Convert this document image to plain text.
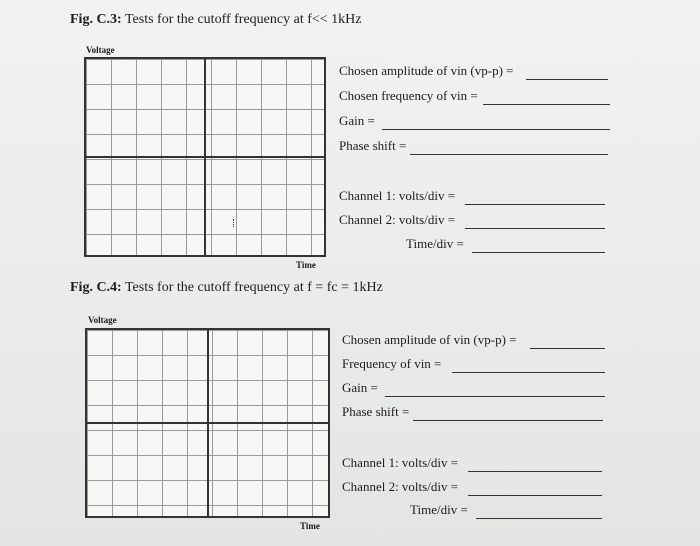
Fig. C.3: Tests for the cutoff frequency at f<< 1kHz
Voltage
Time
Chosen amplitude of vin (vp-p) =
Chosen frequency of vin =
Gain =
Phase shift =
Channel 1: volts/div =
Channel 2: volts/div =
Time/div =
Fig. C.4: Tests for the cutoff frequency at f = fc = 1kHz
Voltage
Time
Chosen amplitude of vin (vp-p) =
Frequency of vin =
Gain =
Phase shift =
Channel 1: volts/div =
Channel 2: volts/div =
Time/div =
